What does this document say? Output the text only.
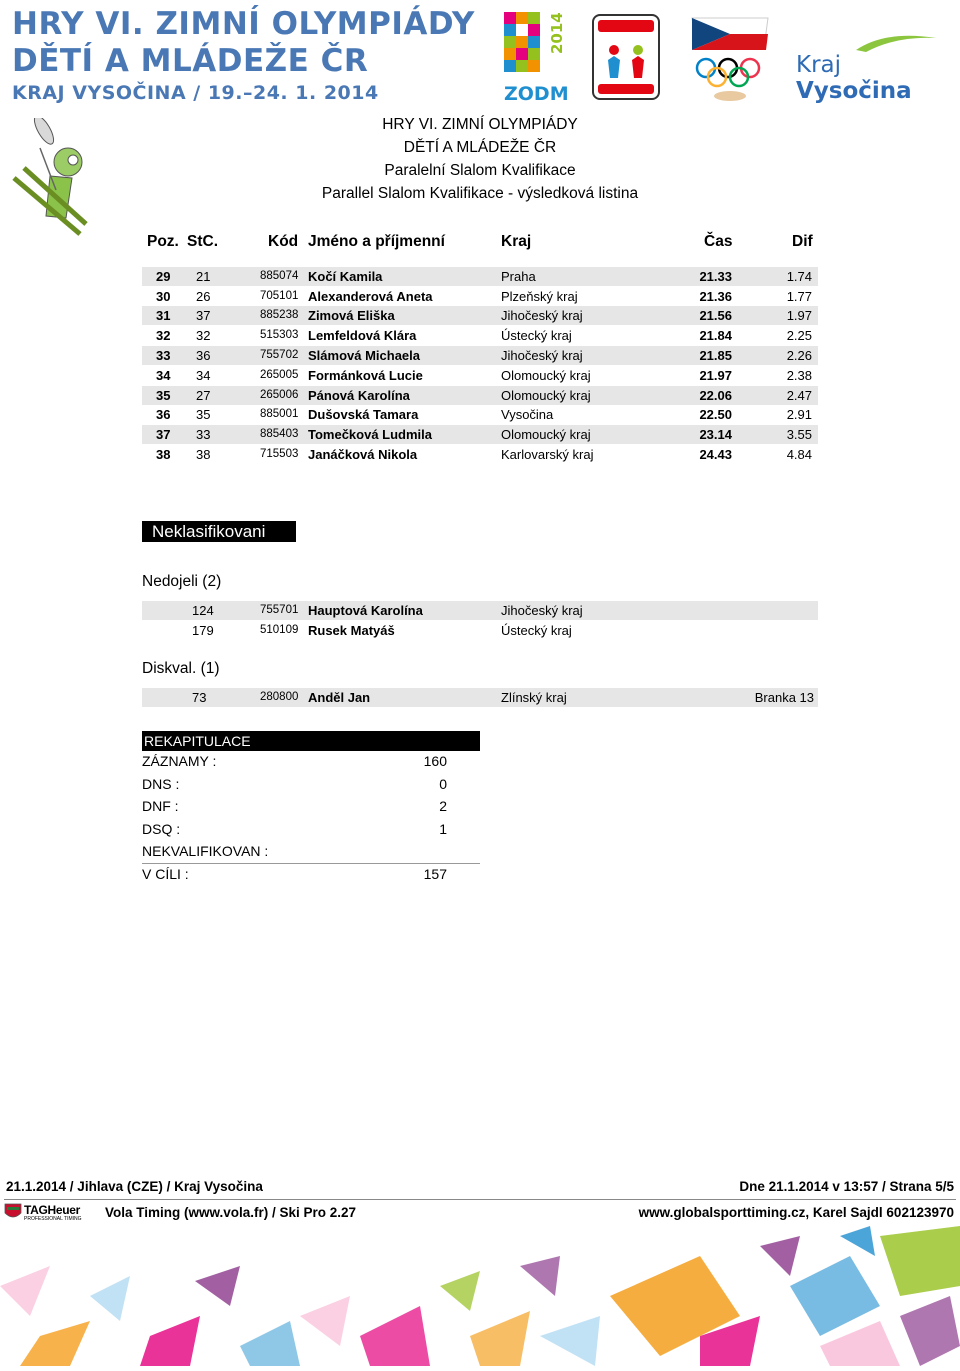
HRY VI. ZIMNÍ OLYMPIÁDY
DĚTÍ A MLÁDEŽE ČR
KRAJ VYSOČINA / 19.–24. 1. 2014
2014
ZODM
Kraj Vysočina
HRY VI. ZIMNÍ OLYMPIÁDY
DĚTÍ A MLÁDEŽE ČR
Paralelní Slalom Kvalifikace
Parallel Slalom Kvalifikace - výsledková listina
Poz. StC.	Kód Jméno a příjmenní	Kraj	Čas	Dif
29 21	885074 Kočí Kamila	Praha	21.33	1.74
30 26	705101 Alexanderová Aneta	Plzeňský kraj	21.36	1.77
31 37	885238 Zimová Eliška	Jihočeský kraj	21.56	1.97
32 32	515303 Lemfeldová Klára	Ústecký kraj	21.84	2.25
33 36	755702 Slámová Michaela	Jihočeský kraj	21.85	2.26
34 34	265005 Formánková Lucie	Olomoucký kraj	21.97	2.38
35 27	265006 Pánová Karolína	Olomoucký kraj	22.06	2.47
36 35	885001 Dušovská Tamara	Vysočina	22.50	2.91
37 33	885403 Tomečková Ludmila	Olomoucký kraj	23.14	3.55
38 38	715503 Janáčková Nikola	Karlovarský kraj	24.43	4.84
Neklasifikovani
Nedojeli (2)
124	755701 Hauptová Karolína	Jihočeský kraj
179	510109 Rusek Matyáš	Ústecký kraj
Diskval. (1)
73	280800 Anděl Jan	Zlínský kraj	Branka 13
REKAPITULACE
ZÁZNAMY :	160
DNS :	0
DNF :	2
DSQ :	1
NEKVALIFIKOVAN :
V CÍLI :	157
21.1.2014 / Jihlava (CZE) / Kraj Vysočina	Dne 21.1.2014 v 13:57 / Strana 5/5
TAGHeuer
PROFESSIONAL TIMING Vola Timing (www.vola.fr) / Ski Pro 2.27	www.globalsporttiming.cz, Karel Sajdl 602123970
